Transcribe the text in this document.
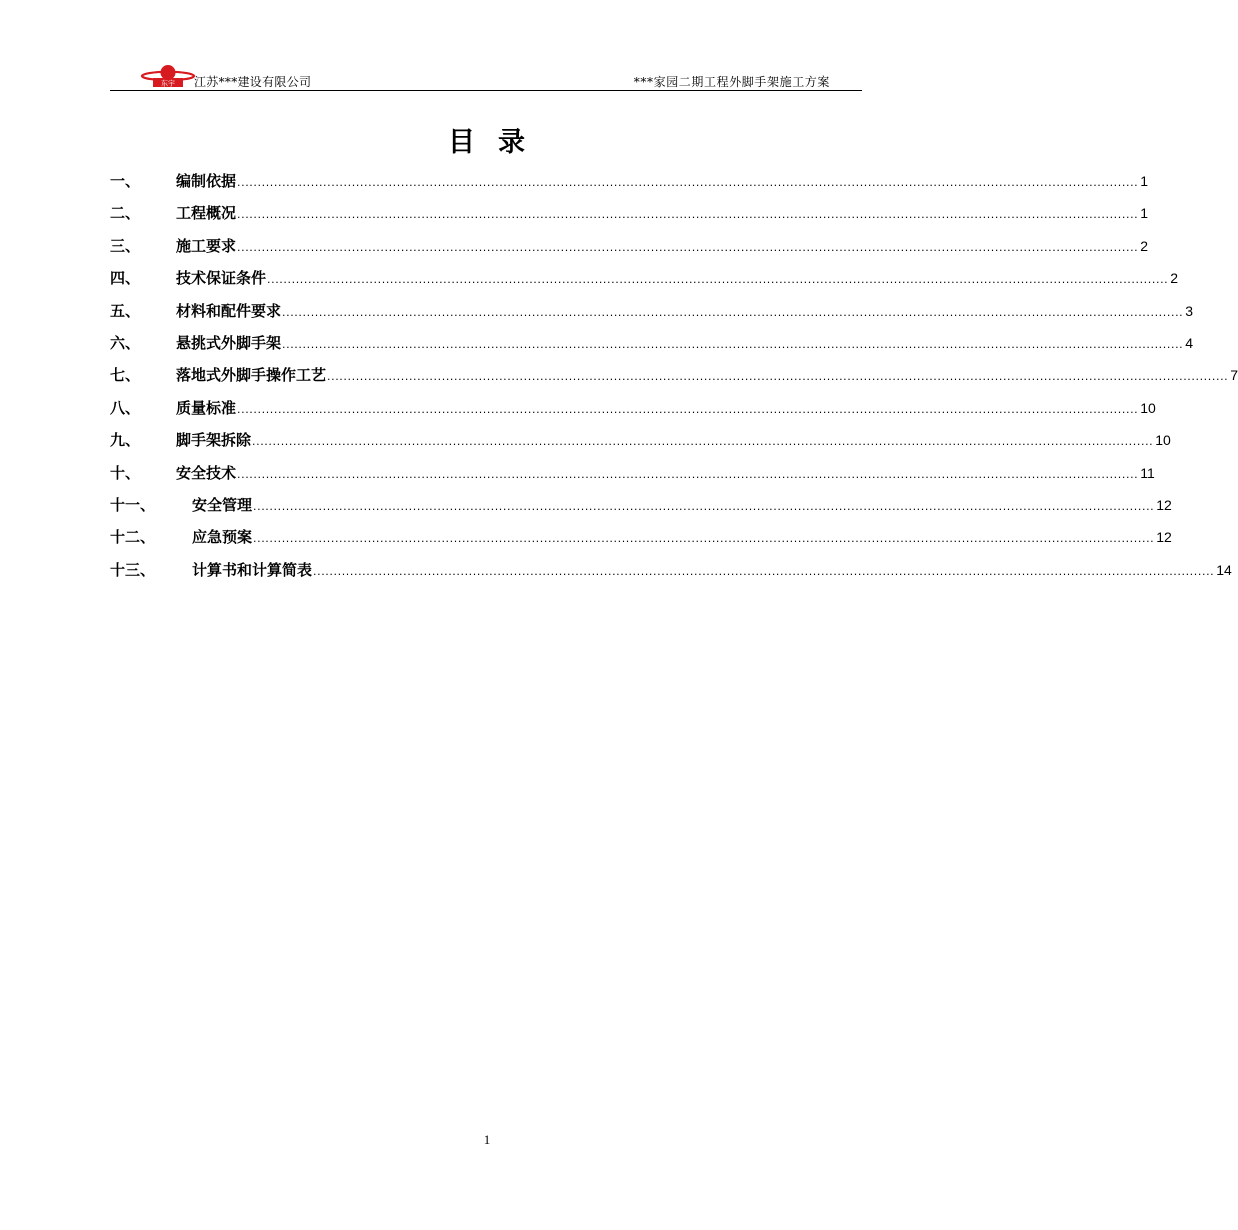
东宇 江苏***建设有限公司	***家园二期工程外脚手架施工方案
目 录
一、	编制依据 ............................................................................................................................................................................................................................ 1
二、	工程概况 ............................................................................................................................................................................................................................ 1
三、	施工要求 ............................................................................................................................................................................................................................ 2
四、	技术保证条件 ............................................................................................................................................................................................................................ 2
五、	材料和配件要求 ............................................................................................................................................................................................................................ 3
六、	悬挑式外脚手架 ............................................................................................................................................................................................................................ 4
七、	落地式外脚手操作工艺 ............................................................................................................................................................................................................................ 7
八、	质量标准 ............................................................................................................................................................................................................................ 10
九、	脚手架拆除 ............................................................................................................................................................................................................................ 10
十、	安全技术 ............................................................................................................................................................................................................................ 11
十一、	安全管理 ............................................................................................................................................................................................................................ 12
十二、	应急预案 ............................................................................................................................................................................................................................ 12
十三、	计算书和计算简表 ............................................................................................................................................................................................................................ 14
1
